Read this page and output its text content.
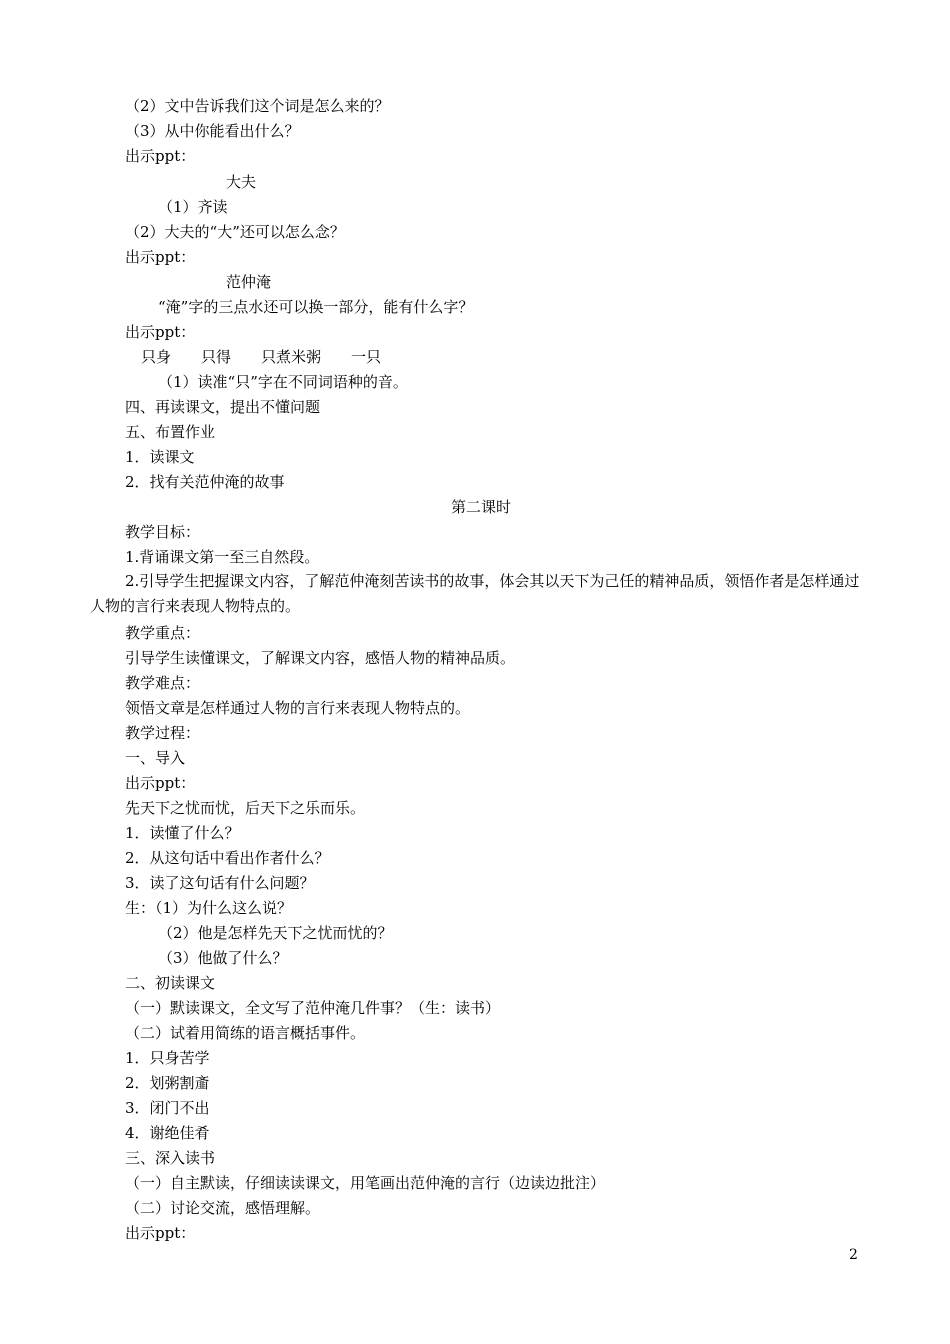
（2）文中告诉我们这个词是怎么来的？
（3）从中你能看出什么？
出示ppt：
大夫
（1）齐读
（2）大夫的“大”还可以怎么念？
出示ppt：
范仲淹
“淹”字的三点水还可以换一部分，能有什么字？
出示ppt：
只身　　只得　　只煮米粥　　一只
（1）读准“只”字在不同词语种的音。
四、再读课文，提出不懂问题
五、布置作业
1．读课文
2．找有关范仲淹的故事
第二课时
教学目标：
1.背诵课文第一至三自然段。
2.引导学生把握课文内容，了解范仲淹刻苦读书的故事，体会其以天下为己任的精神品质，领悟作者是怎样通过人物的言行来表现人物特点的。
教学重点：
引导学生读懂课文，了解课文内容，感悟人物的精神品质。
教学难点：
领悟文章是怎样通过人物的言行来表现人物特点的。
教学过程：
一、导入
出示ppt：
先天下之忧而忧，后天下之乐而乐。
1．读懂了什么？
2．从这句话中看出作者什么？
3．读了这句话有什么问题？
生：（1）为什么这么说？
（2）他是怎样先天下之忧而忧的？
（3）他做了什么？
二、初读课文
（一）默读课文，全文写了范仲淹几件事？（生：读书）
（二）试着用简练的语言概括事件。
1．只身苦学
2．划粥割齑
3．闭门不出
4．谢绝佳肴
三、深入读书
（一）自主默读，仔细读读课文，用笔画出范仲淹的言行（边读边批注）
（二）讨论交流，感悟理解。
出示ppt：
2
